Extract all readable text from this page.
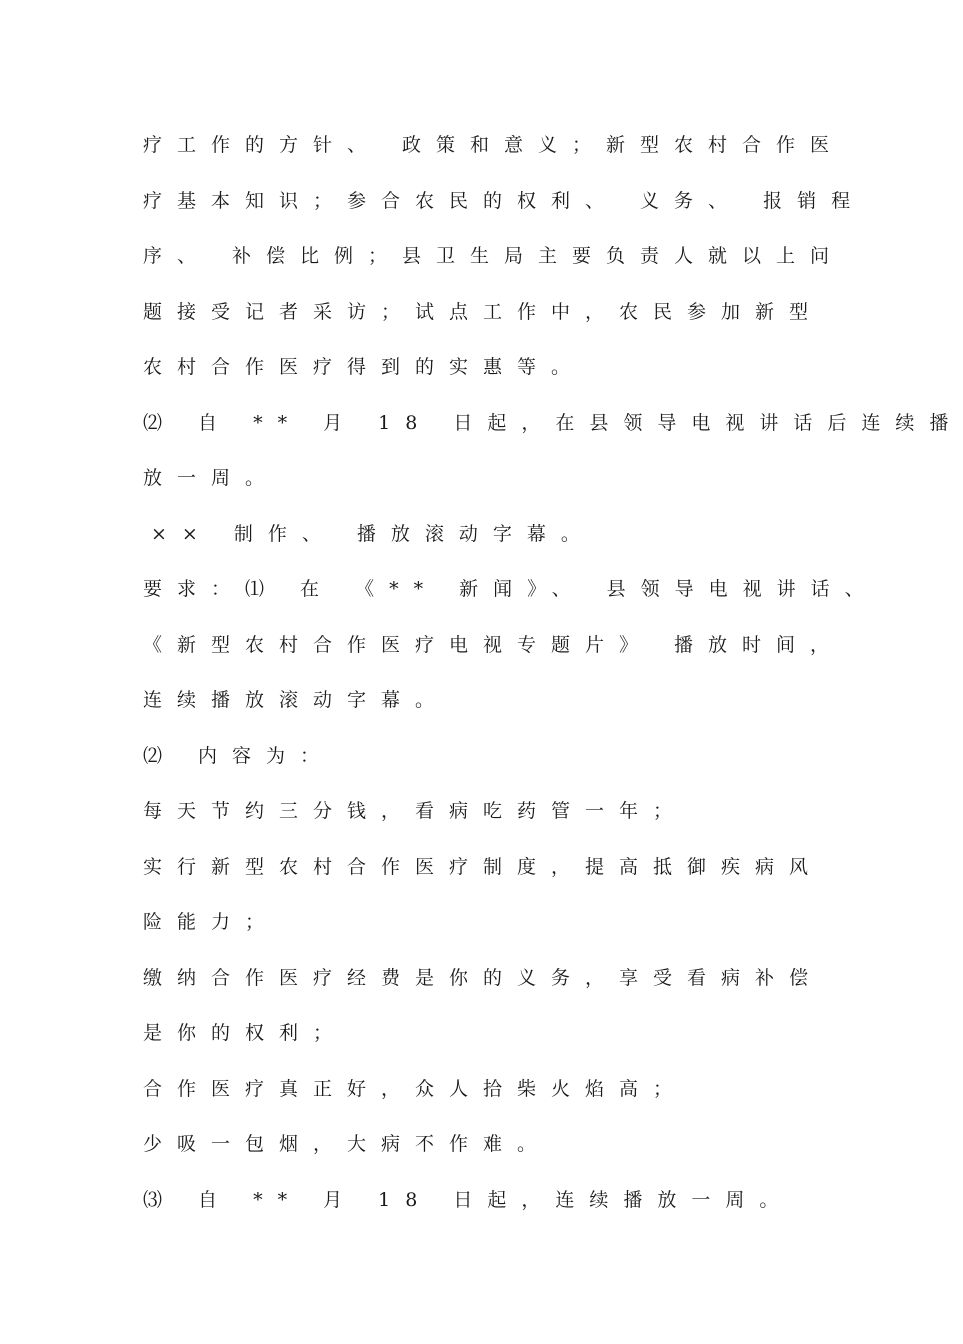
疗工作的方针、 政策和意义；新型农村合作医
疗基本知识；参合农民的权利、 义务、 报销程
序、 补偿比例；县卫生局主要负责人就以上问
题接受记者采访；试点工作中，农民参加新型
农村合作医疗得到的实惠等。
⑵ 自 ** 月 18 日起，在县领导电视讲话后连续播
放一周。
×× 制作、 播放滚动字幕。
要求：⑴ 在 《** 新闻》、 县领导电视讲话、
《新型农村合作医疗电视专题片》 播放时间，
连续播放滚动字幕。
⑵ 内容为：
每天节约三分钱，看病吃药管一年；
实行新型农村合作医疗制度，提高抵御疾病风
险能力；
缴纳合作医疗经费是你的义务，享受看病补偿
是你的权利；
合作医疗真正好，众人拾柴火焰高；
少吸一包烟，大病不作难。
⑶ 自 ** 月 18 日起，连续播放一周。
